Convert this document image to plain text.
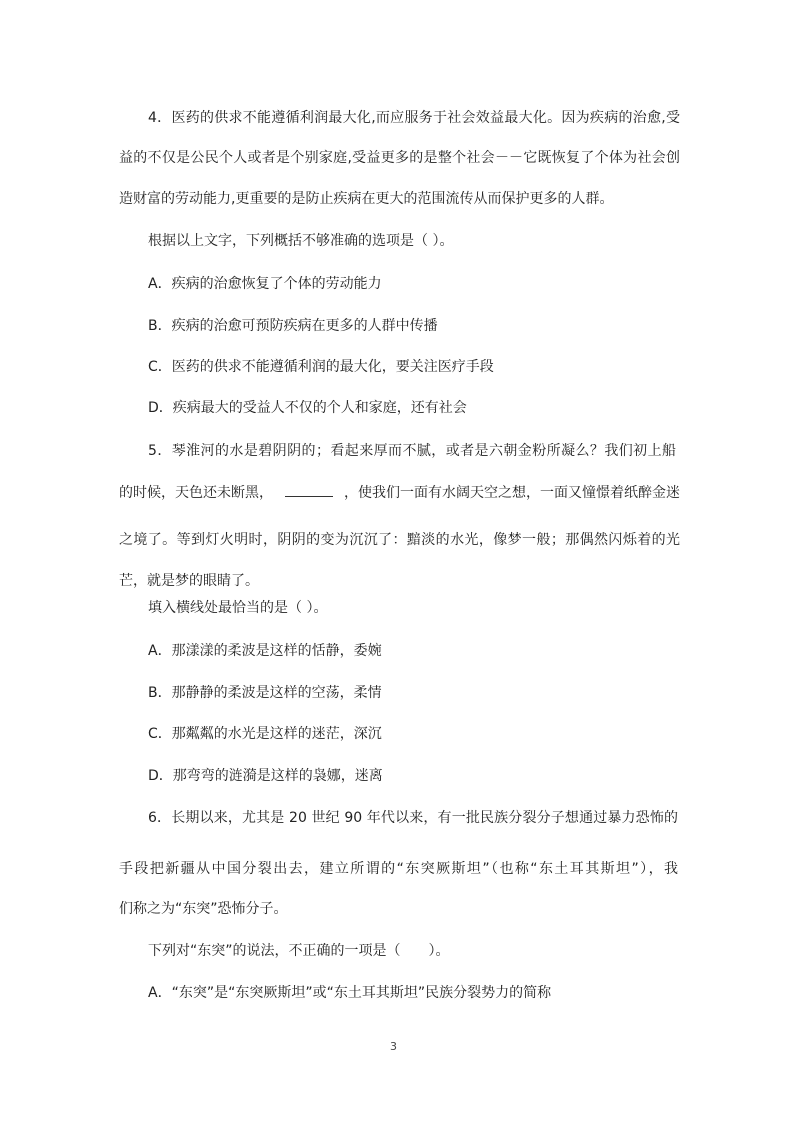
4．医药的供求不能遵循利润最大化,而应服务于社会效益最大化。因为疾病的治愈,受
益的不仅是公民个人或者是个别家庭,受益更多的是整个社会－－它既恢复了个体为社会创
造财富的劳动能力,更重要的是防止疾病在更大的范围流传从而保护更多的人群。
根据以上文字，下列概括不够准确的选项是（ ）。
A．疾病的治愈恢复了个体的劳动能力
B．疾病的治愈可预防疾病在更多的人群中传播
C．医药的供求不能遵循利润的最大化，要关注医疗手段
D．疾病最大的受益人不仅的个人和家庭，还有社会
5．琴淮河的水是碧阴阴的；看起来厚而不腻，或者是六朝金粉所凝么？我们初上船
的时候，天色还未断黑，	，使我们一面有水阔天空之想，一面又憧憬着纸醉金迷
之境了。等到灯火明时，阴阴的变为沉沉了：黯淡的水光，像梦一般；那偶然闪烁着的光
芒，就是梦的眼睛了。
填入横线处最恰当的是（ ）。
A．那漾漾的柔波是这样的恬静，委婉
B．那静静的柔波是这样的空荡，柔情
C．那粼粼的水光是这样的迷茫，深沉
D．那弯弯的涟漪是这样的袅娜，迷离
6．长期以来，尤其是 20 世纪 90 年代以来，有一批民族分裂分子想通过暴力恐怖的
手段把新疆从中国分裂出去，建立所谓的“东突厥斯坦”（也称“东土耳其斯坦”），我
们称之为“东突”恐怖分子。
下列对“东突”的说法，不正确的一项是（　　）。
A．“东突”是“东突厥斯坦”或“东土耳其斯坦”民族分裂势力的简称
3
